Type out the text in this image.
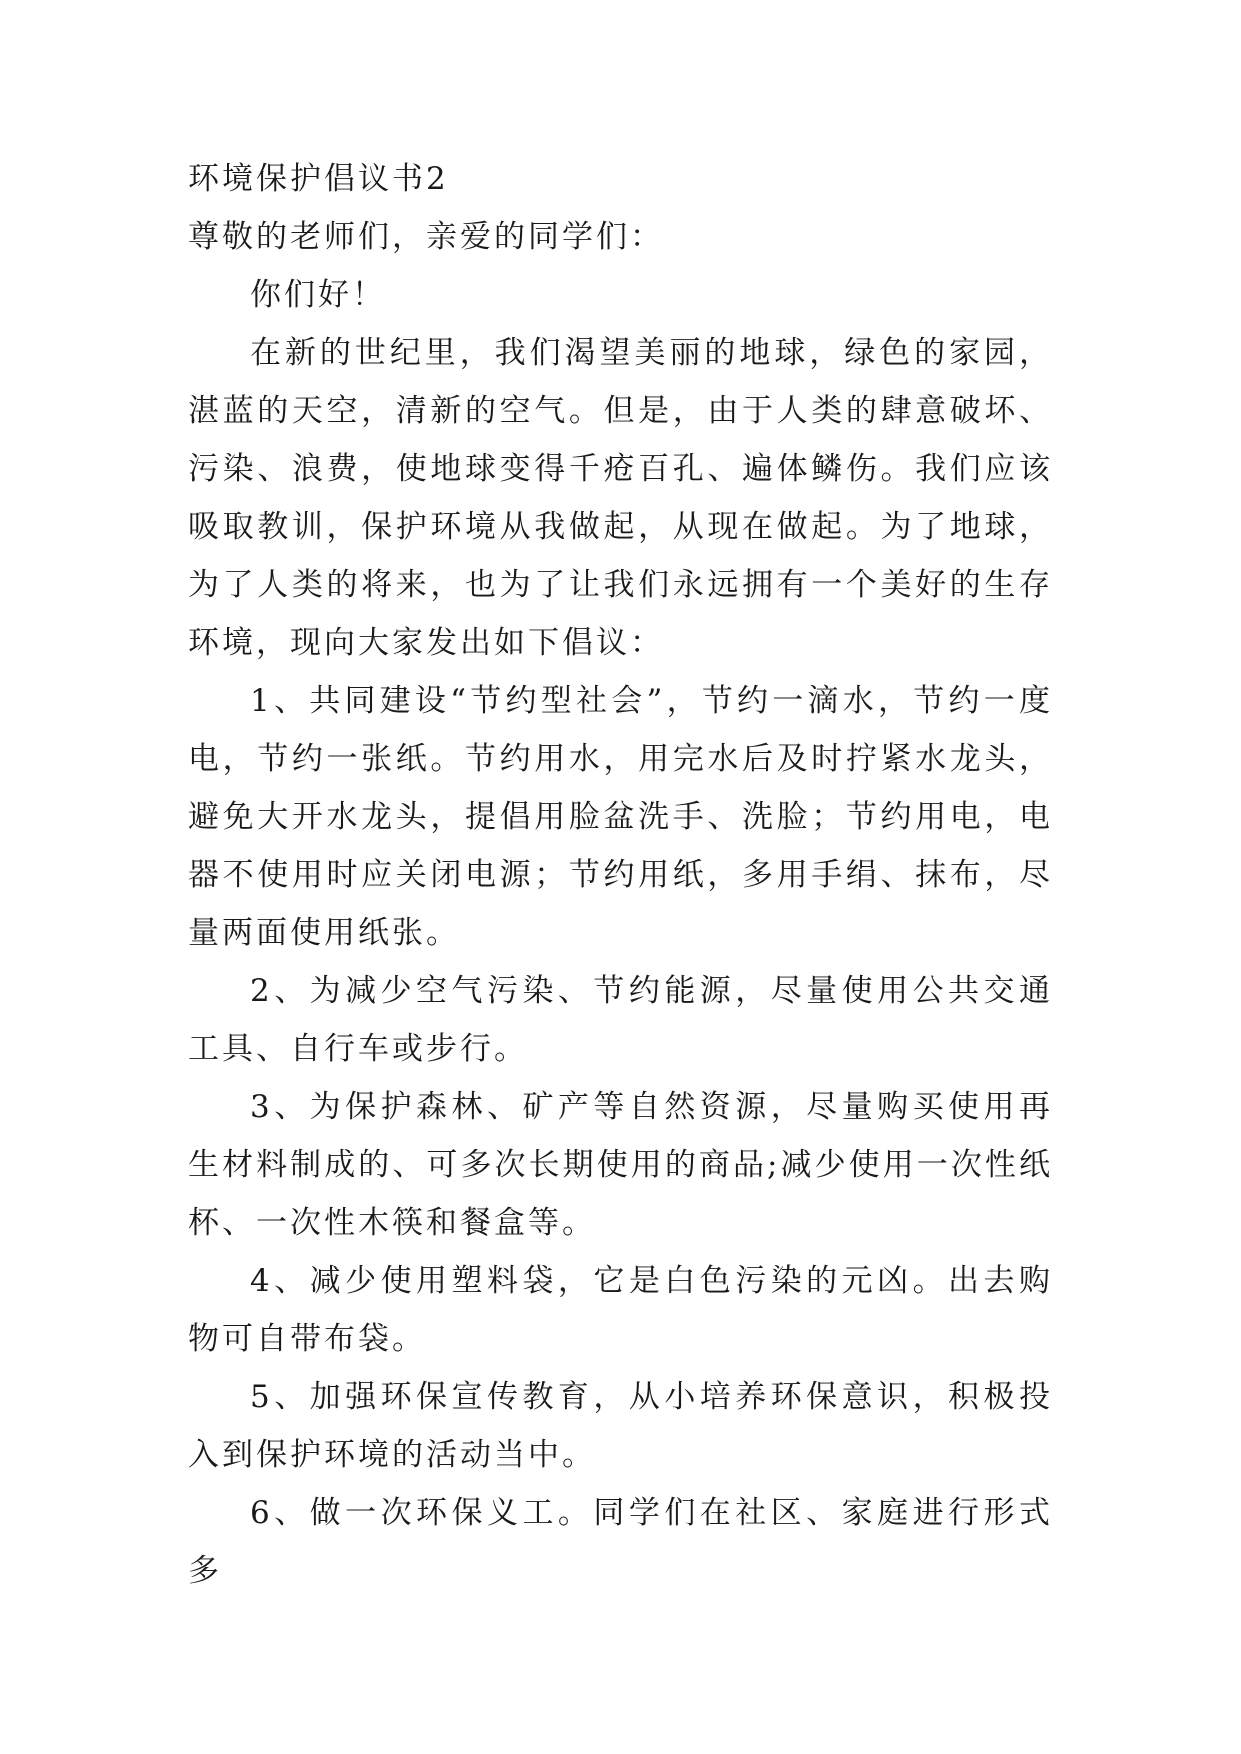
环境保护倡议书2

尊敬的老师们，亲爱的同学们：

你们好！

在新的世纪里，我们渴望美丽的地球，绿色的家园，湛蓝的天空，清新的空气。但是，由于人类的肆意破坏、污染、浪费，使地球变得千疮百孔、遍体鳞伤。我们应该吸取教训，保护环境从我做起，从现在做起。为了地球，为了人类的将来，也为了让我们永远拥有一个美好的生存环境，现向大家发出如下倡议：

1、共同建设“节约型社会”，节约一滴水，节约一度电，节约一张纸。节约用水，用完水后及时拧紧水龙头，避免大开水龙头，提倡用脸盆洗手、洗脸；节约用电，电器不使用时应关闭电源；节约用纸，多用手绢、抹布，尽量两面使用纸张。

2、为减少空气污染、节约能源，尽量使用公共交通工具、自行车或步行。

3、为保护森林、矿产等自然资源，尽量购买使用再生材料制成的、可多次长期使用的商品;减少使用一次性纸杯、一次性木筷和餐盒等。

4、减少使用塑料袋，它是白色污染的元凶。出去购物可自带布袋。

5、加强环保宣传教育，从小培养环保意识，积极投入到保护环境的活动当中。

6、做一次环保义工。同学们在社区、家庭进行形式多
